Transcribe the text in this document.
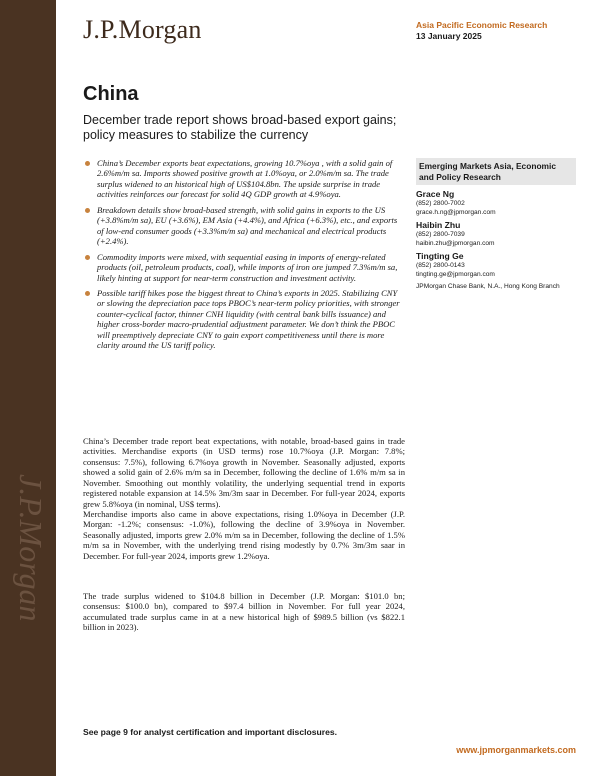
J.P.Morgan
J.P.Morgan	Asia Pacific Economic Research
13 January 2025
China

December trade report shows broad-based export gains; policy measures to stabilize the currency

China’s December exports beat expectations, growing 10.7%oya , with a solid gain of 2.6%m/m sa. Imports showed positive growth at 1.0%oya, or 2.0%m/m sa. The trade surplus widened to an historical high of US$104.8bn. The upside surprise in trade activities reinforces our forecast for solid 4Q GDP growth at 4.9%oya.
Breakdown details show broad-based strength, with solid gains in exports to the US (+3.8%m/m sa), EU (+3.6%), EM Asia (+4.4%), and Africa (+6.3%), etc., and exports of low-end consumer goods (+3.3%m/m sa) and mechanical and electrical products (+2.4%).
Commodity imports were mixed, with sequential easing in imports of energy-related products (oil, petroleum products, coal), while imports of iron ore jumped 7.3%m/m sa, likely hinting at support for near-term construction and investment activity.
Possible tariff hikes pose the biggest threat to China’s exports in 2025. Stabilizing CNY or slowing the depreciation pace tops PBOC’s near-term policy priorities, with stronger counter-cyclical factor, thinner CNH liquidity (with central bank bills issuance) and higher cross-border macro-prudential adjustment parameter. We don’t think the PBOC will preemptively depreciate CNY to gain export competitiveness until there is more clarity around the US tariff policy.

China’s December trade report beat expectations, with notable, broad-based gains in trade activities. Merchandise exports (in USD terms) rose 10.7%oya (J.P. Morgan: 7.8%; consensus: 7.5%), following 6.7%oya growth in November. Seasonally adjusted, exports showed a solid gain of 2.6% m/m sa in December, following the decline of 1.6% m/m sa in November. Smoothing out monthly volatility, the underlying sequential trend in exports registered notable expansion at 14.5% 3m/3m saar in December. For full-year 2024, exports grew 5.8%oya (in nominal, US$ terms).

Merchandise imports also came in above expectations, rising 1.0%oya in December (J.P. Morgan: -1.2%; consensus: -1.0%), following the decline of 3.9%oya in November. Seasonally adjusted, imports grew 2.0% m/m sa in December, following the decline of 1.5% m/m sa in November, with the underlying trend rising modestly by 0.7% 3m/3m saar in December. For full-year 2024, imports grew 1.2%oya.

The trade surplus widened to $104.8 billion in December (J.P. Morgan: $101.0 bn; consensus: $100.0 bn), compared to $97.4 billion in November. For full year 2024, accumulated trade surplus came in at a new historical high of $989.5 billion (vs $822.1 billion in 2023).

Emerging Markets Asia, Economic and Policy Research
Grace Ng
(852) 2800-7002
grace.h.ng@jpmorgan.com
Haibin Zhu
(852) 2800-7039
haibin.zhu@jpmorgan.com
Tingting Ge
(852) 2800-0143
tingting.ge@jpmorgan.com
JPMorgan Chase Bank, N.A., Hong Kong Branch
See page 9 for analyst certification and important disclosures.
www.jpmorganmarkets.com
